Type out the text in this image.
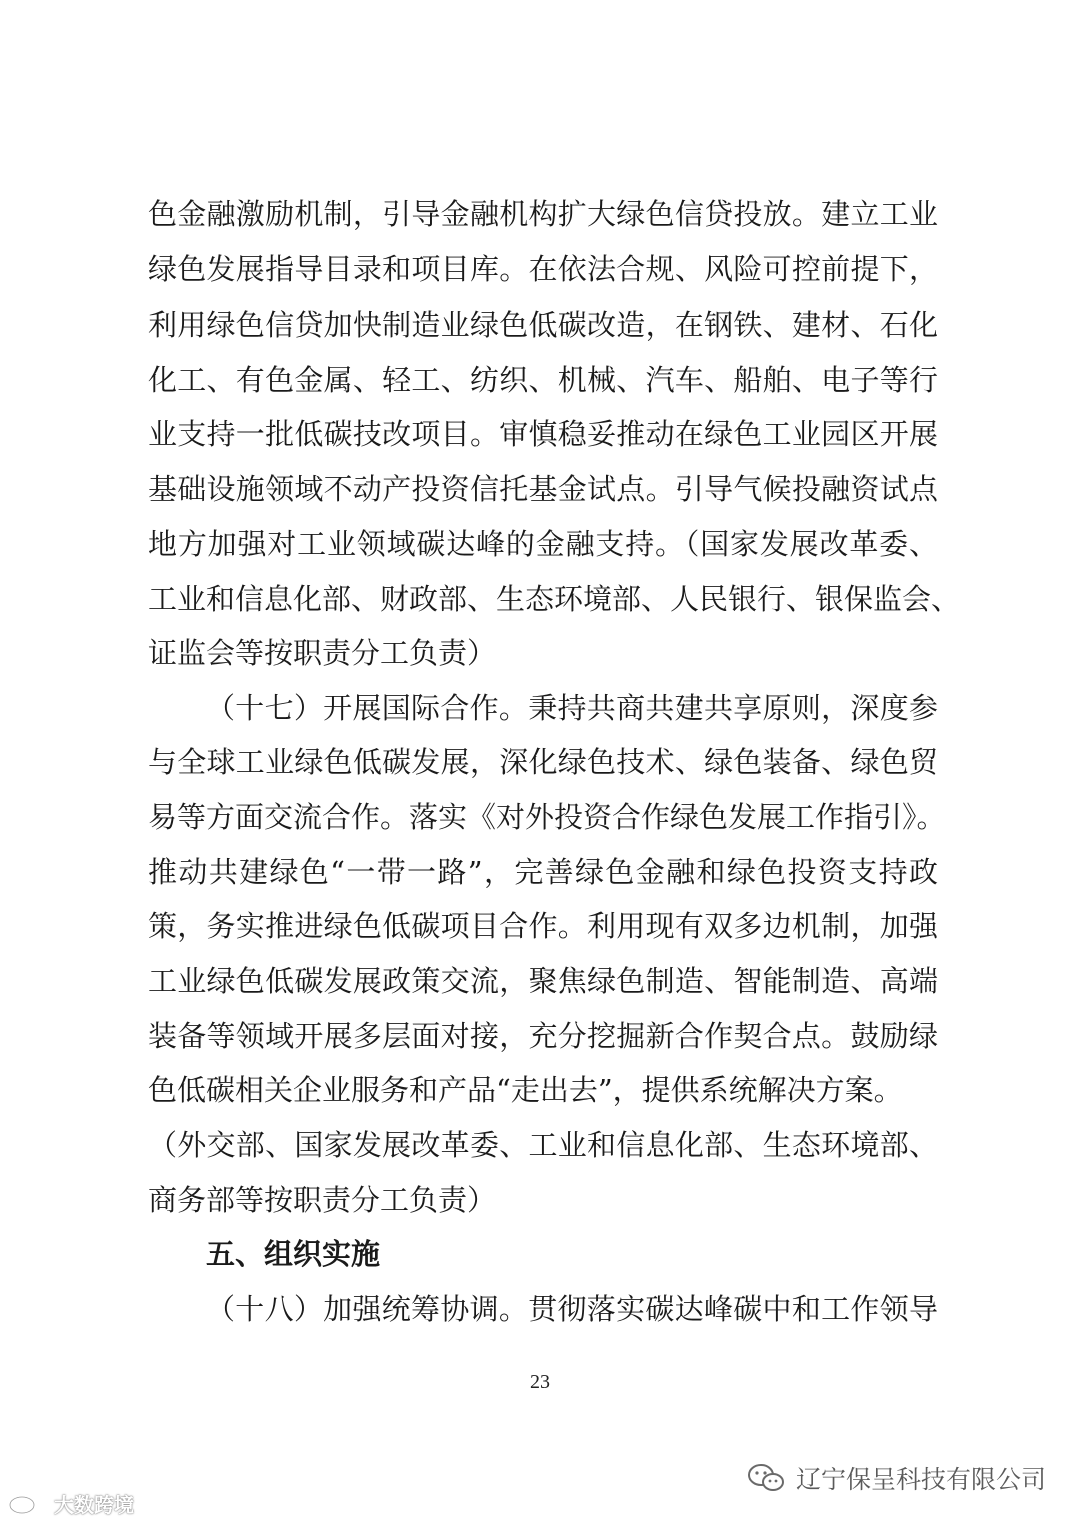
色金融激励机制，引导金融机构扩大绿色信贷投放。建立工业
绿色发展指导目录和项目库。在依法合规、风险可控前提下，
利用绿色信贷加快制造业绿色低碳改造，在钢铁、建材、石化
化工、有色金属、轻工、纺织、机械、汽车、船舶、电子等行
业支持一批低碳技改项目。审慎稳妥推动在绿色工业园区开展
基础设施领域不动产投资信托基金试点。引导气候投融资试点
地方加强对工业领域碳达峰的金融支持。（国家发展改革委、
工业和信息化部、财政部、生态环境部、人民银行、银保监会、
证监会等按职责分工负责）
（十七）开展国际合作。秉持共商共建共享原则，深度参
与全球工业绿色低碳发展，深化绿色技术、绿色装备、绿色贸
易等方面交流合作。落实《对外投资合作绿色发展工作指引》。
推动共建绿色“一带一路”，完善绿色金融和绿色投资支持政
策，务实推进绿色低碳项目合作。利用现有双多边机制，加强
工业绿色低碳发展政策交流，聚焦绿色制造、智能制造、高端
装备等领域开展多层面对接，充分挖掘新合作契合点。鼓励绿
色低碳相关企业服务和产品“走出去”，提供系统解决方案。
（外交部、国家发展改革委、工业和信息化部、生态环境部、
商务部等按职责分工负责）
五、组织实施
（十八）加强统筹协调。贯彻落实碳达峰碳中和工作领导
23
大数跨境
辽宁保呈科技有限公司
